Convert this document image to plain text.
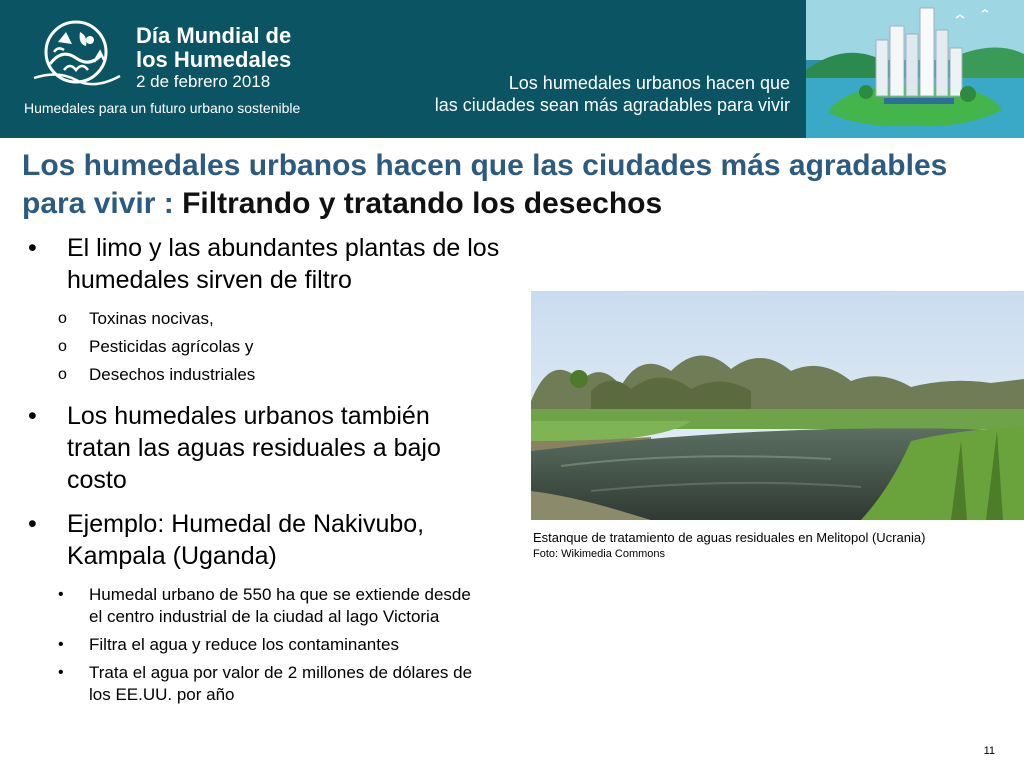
Día Mundial de
los Humedales
2 de febrero 2018
Humedales para un futuro urbano sostenible
Los humedales urbanos hacen que
las ciudades sean más agradables para vivir
Los humedales urbanos hacen que las ciudades más agradables para vivir : Filtrando y tratando los desechos
• El limo y las abundantes plantas de los humedales sirven de filtro
o Toxinas nocivas,
o Pesticidas agrícolas y
o Desechos industriales
• Los humedales urbanos también tratan las aguas residuales a bajo costo
• Ejemplo: Humedal de Nakivubo, Kampala (Uganda)
• Humedal urbano de 550 ha que se extiende desde el centro industrial de la ciudad al lago Victoria
• Filtra el agua y reduce los contaminantes
• Trata el agua por valor de 2 millones de dólares de los EE.UU. por año
Estanque de tratamiento de aguas residuales en Melitopol (Ucrania)
Foto: Wikimedia Commons
11
